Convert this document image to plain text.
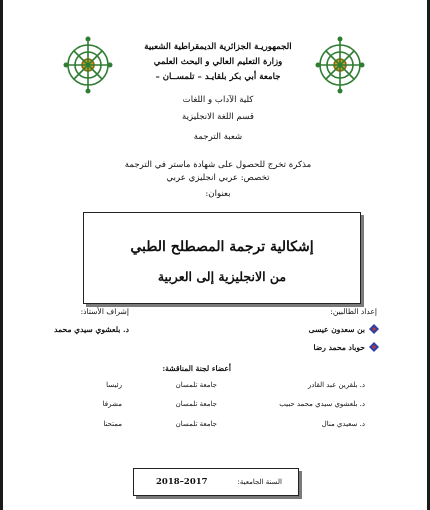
الجمهوريـة الجزائرية الديمقراطية الشعبية
وزارة التعليم العالي و البحث العلمي
جامعة أبي بكر بلقايـد – تلمســان –
كلية الآداب و اللغات
قسم اللغة الانجليزية
شعبة الترجمة
مذكرة تخرج للحصول على شهادة ماستر في الترجمة
تخصص: عربي انجليزي عربي
بعنوان:
إشكالية ترجمة المصطلح الطبي
من الانجليزية إلى العربية
إعداد الطالبين:
بن سعدون عيسى
حوباد محمد رضا
إشراف الأستاذ:
د. بلعشوي سيدي محمد
أعضاء لجنة المناقشة:
د. بلقرين عبد القادر
جامعة تلمسان
رئيسا
د. بلعشوي سيدي محمد حبيب
جامعة تلمسان
مشرفا
د. سعيدي منال
جامعة تلمسان
ممتحنا
السنة الجامعية:
2018–2017
